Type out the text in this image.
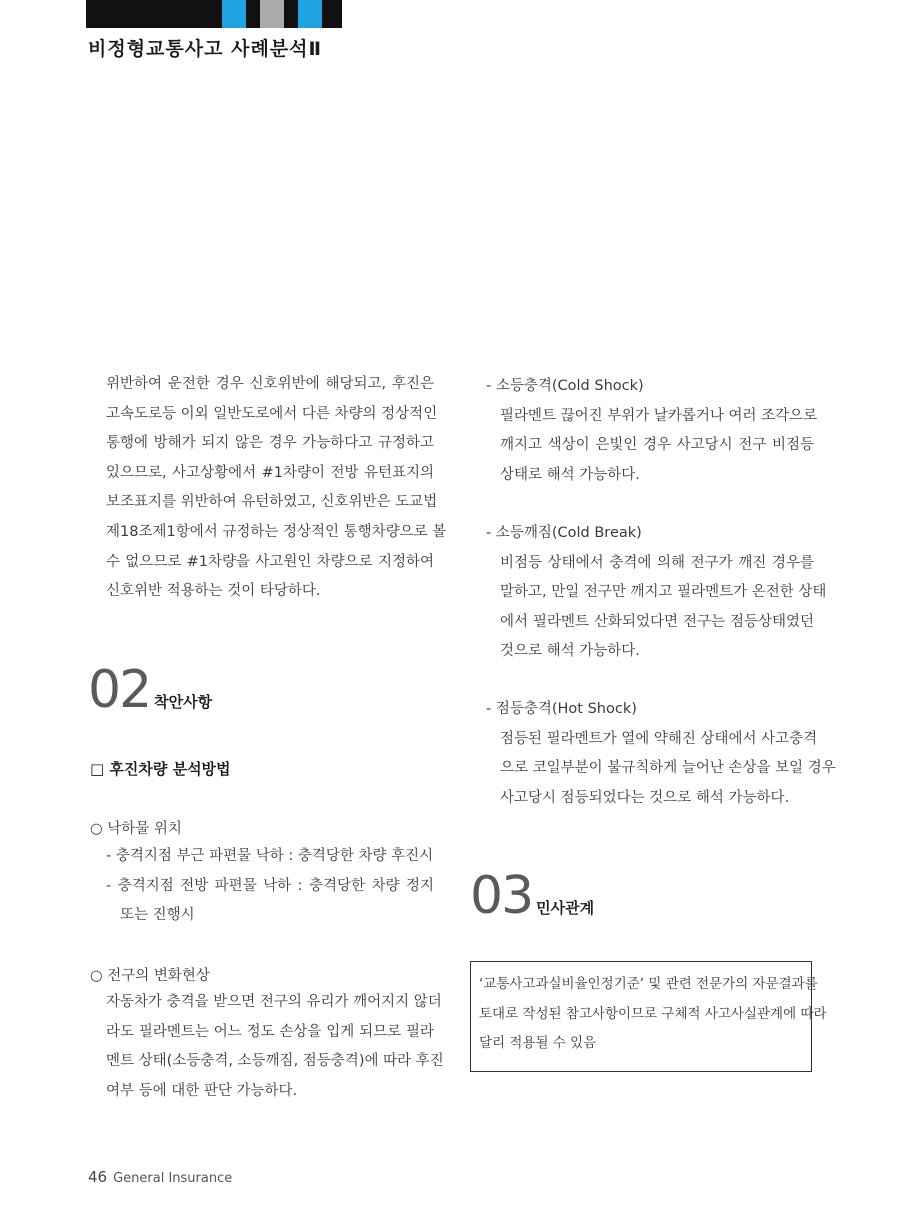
비정형교통사고 사례분석Ⅱ
위반하여 운전한 경우 신호위반에 해당되고, 후진은
고속도로등 이외 일반도로에서 다른 차량의 정상적인
통행에 방해가 되지 않은 경우 가능하다고 규정하고
있으므로, 사고상황에서 #1차량이 전방 유턴표지의
보조표지를 위반하여 유턴하였고, 신호위반은 도교법
제18조제1항에서 규정하는 정상적인 통행차량으로 볼
수 없으므로 #1차량을 사고원인 차량으로 지정하여
신호위반 적용하는 것이 타당하다.
02 착안사항
□ 후진차량 분석방법
○ 낙하물 위치
- 충격지점 부근 파편물 낙하 : 충격당한 차량 후진시
- 충격지점 전방 파편물 낙하 : 충격당한 차량 정지
또는 진행시
○ 전구의 변화현상
자동차가 충격을 받으면 전구의 유리가 깨어지지 않더
라도 필라멘트는 어느 정도 손상을 입게 되므로 필라
멘트 상태(소등충격, 소등깨짐, 점등충격)에 따라 후진
여부 등에 대한 판단 가능하다.
- 소등충격(Cold Shock)
필라멘트 끊어진 부위가 날카롭거나 여러 조각으로
깨지고 색상이 은빛인 경우 사고당시 전구 비점등
상태로 해석 가능하다.
- 소등깨짐(Cold Break)
비점등 상태에서 충격에 의해 전구가 깨진 경우를
말하고, 만일 전구만 깨지고 필라멘트가 온전한 상태
에서 필라멘트 산화되었다면 전구는 점등상태였던
것으로 해석 가능하다.
- 점등충격(Hot Shock)
점등된 필라멘트가 열에 약해진 상태에서 사고충격
으로 코일부분이 불규칙하게 늘어난 손상을 보일 경우
사고당시 점등되었다는 것으로 해석 가능하다.
03 민사관계
‘교통사고과실비율인정기준’ 및 관련 전문가의 자문결과를
토대로 작성된 참고사항이므로 구체적 사고사실관계에 따라
달리 적용될 수 있음
46 General Insurance
